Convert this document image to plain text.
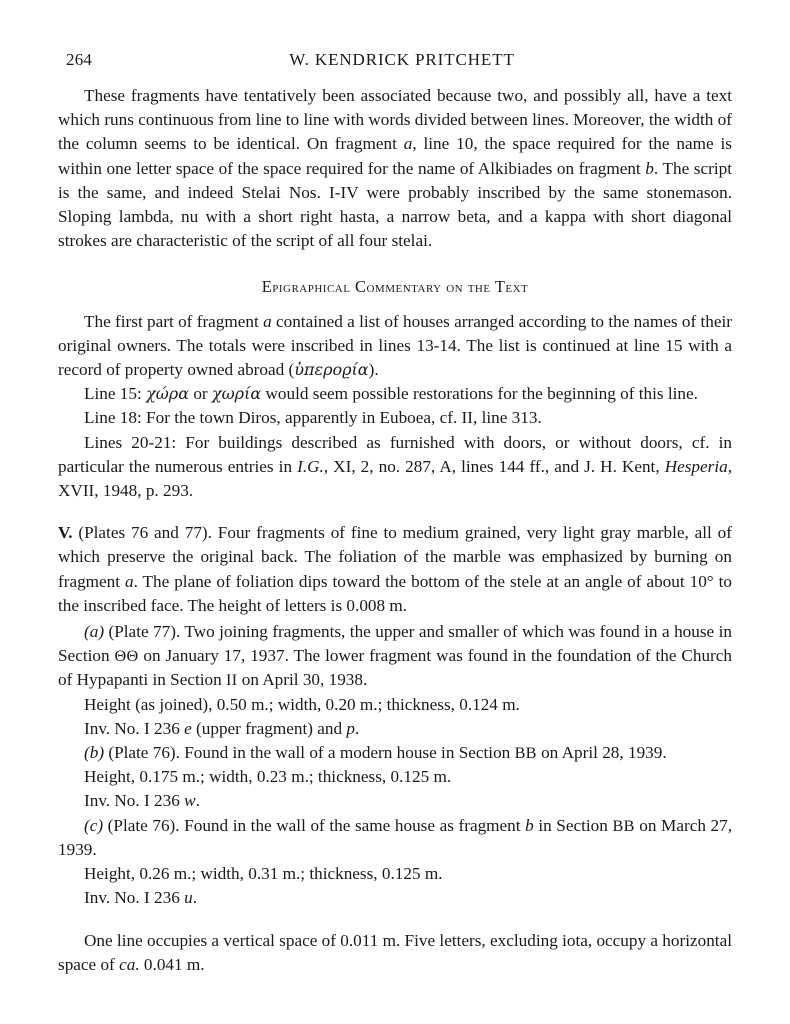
264	W. KENDRICK PRITCHETT

These fragments have tentatively been associated because two, and possibly all, have a text which runs continuous from line to line with words divided between lines. Moreover, the width of the column seems to be identical. On fragment a, line 10, the space required for the name is within one letter space of the space required for the name of Alkibiades on fragment b. The script is the same, and indeed Stelai Nos. I-IV were probably inscribed by the same stonemason. Sloping lambda, nu with a short right hasta, a narrow beta, and a kappa with short diagonal strokes are characteristic of the script of all four stelai.

Epigraphical Commentary on the Text

The first part of fragment a contained a list of houses arranged according to the names of their original owners. The totals were inscribed in lines 13-14. The list is continued at line 15 with a record of property owned abroad (ὑπεροϱία).

Line 15: χώρα or χωρία would seem possible restorations for the beginning of this line.

Line 18: For the town Diros, apparently in Euboea, cf. II, line 313.

Lines 20-21: For buildings described as furnished with doors, or without doors, cf. in particular the numerous entries in I.G., XI, 2, no. 287, A, lines 144 ff., and J. H. Kent, Hesperia, XVII, 1948, p. 293.

V. (Plates 76 and 77). Four fragments of fine to medium grained, very light gray marble, all of which preserve the original back. The foliation of the marble was emphasized by burning on fragment a. The plane of foliation dips toward the bottom of the stele at an angle of about 10° to the inscribed face. The height of letters is 0.008 m.

(a) (Plate 77). Two joining fragments, the upper and smaller of which was found in a house in Section ΘΘ on January 17, 1937. The lower fragment was found in the foundation of the Church of Hypapanti in Section II on April 30, 1938.

Height (as joined), 0.50 m.; width, 0.20 m.; thickness, 0.124 m.

Inv. No. I 236 e (upper fragment) and p.

(b) (Plate 76). Found in the wall of a modern house in Section BB on April 28, 1939.

Height, 0.175 m.; width, 0.23 m.; thickness, 0.125 m.

Inv. No. I 236 w.

(c) (Plate 76). Found in the wall of the same house as fragment b in Section BB on March 27, 1939.

Height, 0.26 m.; width, 0.31 m.; thickness, 0.125 m.

Inv. No. I 236 u.

One line occupies a vertical space of 0.011 m. Five letters, excluding iota, occupy a horizontal space of ca. 0.041 m.
